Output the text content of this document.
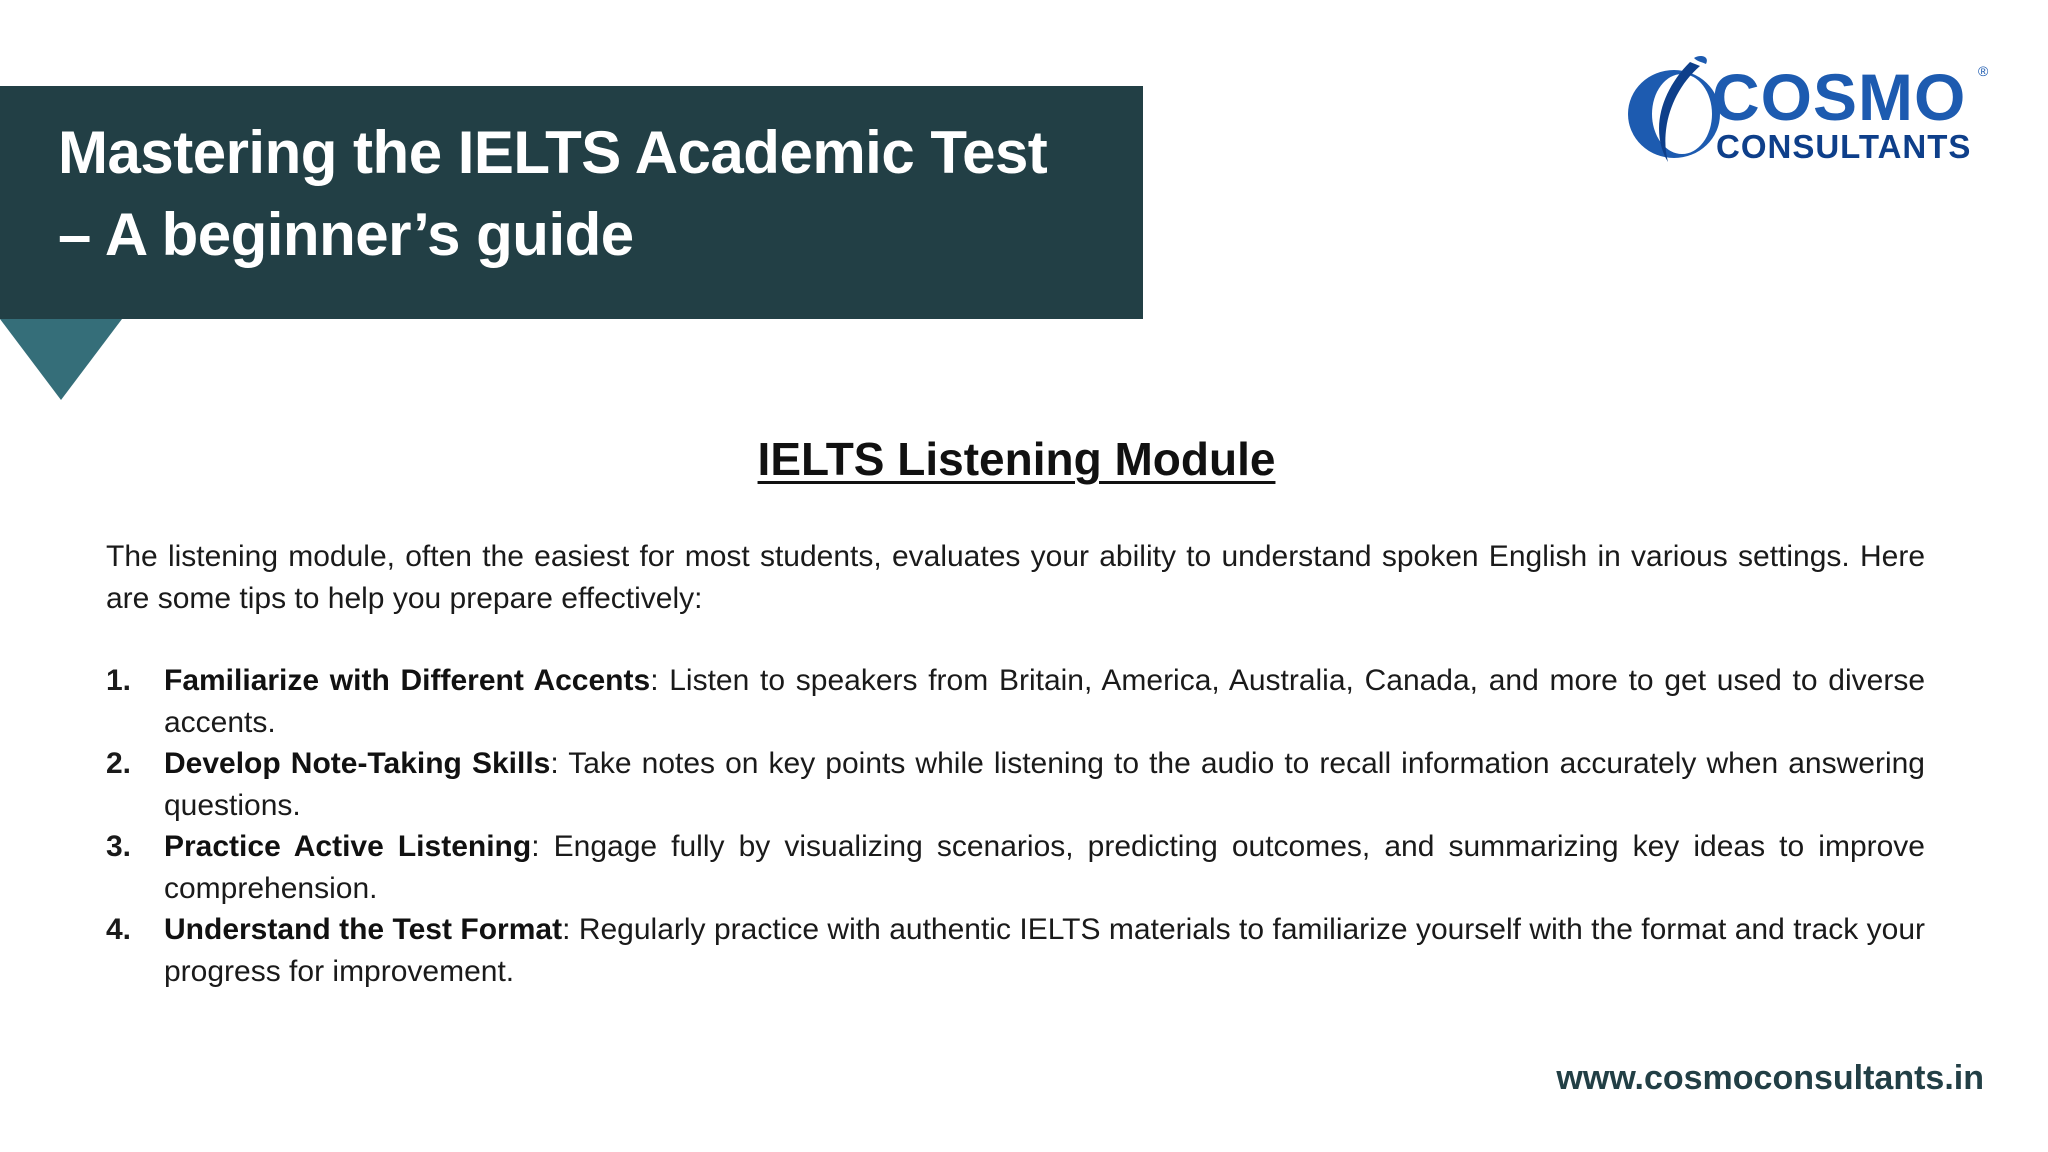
Mastering the IELTS Academic Test
– A beginner’s guide
COSMO ®
CONSULTANTS
IELTS Listening Module
The listening module, often the easiest for most students, evaluates your ability to understand spoken English in various settings. Here are some tips to help you prepare effectively:
1.	Familiarize with Different Accents: Listen to speakers from Britain, America, Australia, Canada, and more to get used to diverse accents.
2.	Develop Note-Taking Skills: Take notes on key points while listening to the audio to recall information accurately when answering questions.
3.	Practice Active Listening: Engage fully by visualizing scenarios, predicting outcomes, and summarizing key ideas to improve comprehension.
4.	Understand the Test Format: Regularly practice with authentic IELTS materials to familiarize yourself with the format and track your progress for improvement.
www.cosmoconsultants.in
